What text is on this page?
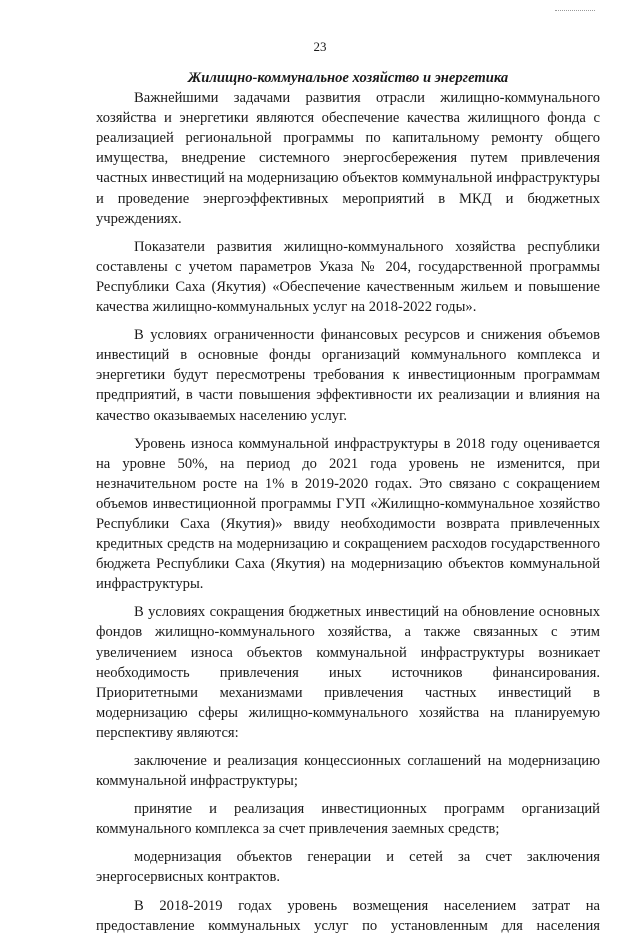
23

Жилищно-коммунальное хозяйство и энергетика

Важнейшими задачами развития отрасли жилищно-коммунального хозяйства и энергетики являются обеспечение качества жилищного фонда с реализацией региональной программы по капитальному ремонту общего имущества, внедрение системного энергосбережения путем привлечения частных инвестиций на модернизацию объектов коммунальной инфраструктуры и проведение энергоэффективных мероприятий в МКД и бюджетных учреждениях.

Показатели развития жилищно-коммунального хозяйства республики составлены с учетом параметров Указа № 204, государственной программы Республики Саха (Якутия) «Обеспечение качественным жильем и повышение качества жилищно-коммунальных услуг на 2018-2022 годы».

В условиях ограниченности финансовых ресурсов и снижения объемов инвестиций в основные фонды организаций коммунального комплекса и энергетики будут пересмотрены требования к инвестиционным программам предприятий, в части повышения эффективности их реализации и влияния на качество оказываемых населению услуг.

Уровень износа коммунальной инфраструктуры в 2018 году оценивается на уровне 50%, на период до 2021 года уровень не изменится, при незначительном росте на 1% в 2019-2020 годах. Это связано с сокращением объемов инвестиционной программы ГУП «Жилищно-коммунальное хозяйство Республики Саха (Якутия)» ввиду необходимости возврата привлеченных кредитных средств на модернизацию и сокращением расходов государственного бюджета Республики Саха (Якутия) на модернизацию объектов коммунальной инфраструктуры.

В условиях сокращения бюджетных инвестиций на обновление основных фондов жилищно-коммунального хозяйства, а также связанных с этим увеличением износа объектов коммунальной инфраструктуры возникает необходимость привлечения иных источников финансирования. Приоритетными механизмами привлечения частных инвестиций в модернизацию сферы жилищно-коммунального хозяйства на планируемую перспективу являются:

заключение и реализация концессионных соглашений на модернизацию коммунальной инфраструктуры;

принятие и реализация инвестиционных программ организаций коммунального комплекса за счет привлечения заемных средств;

модернизация объектов генерации и сетей за счет заключения энергосервисных контрактов.

В 2018-2019 годах уровень возмещения населением затрат на предоставление коммунальных услуг по установленным для населения
